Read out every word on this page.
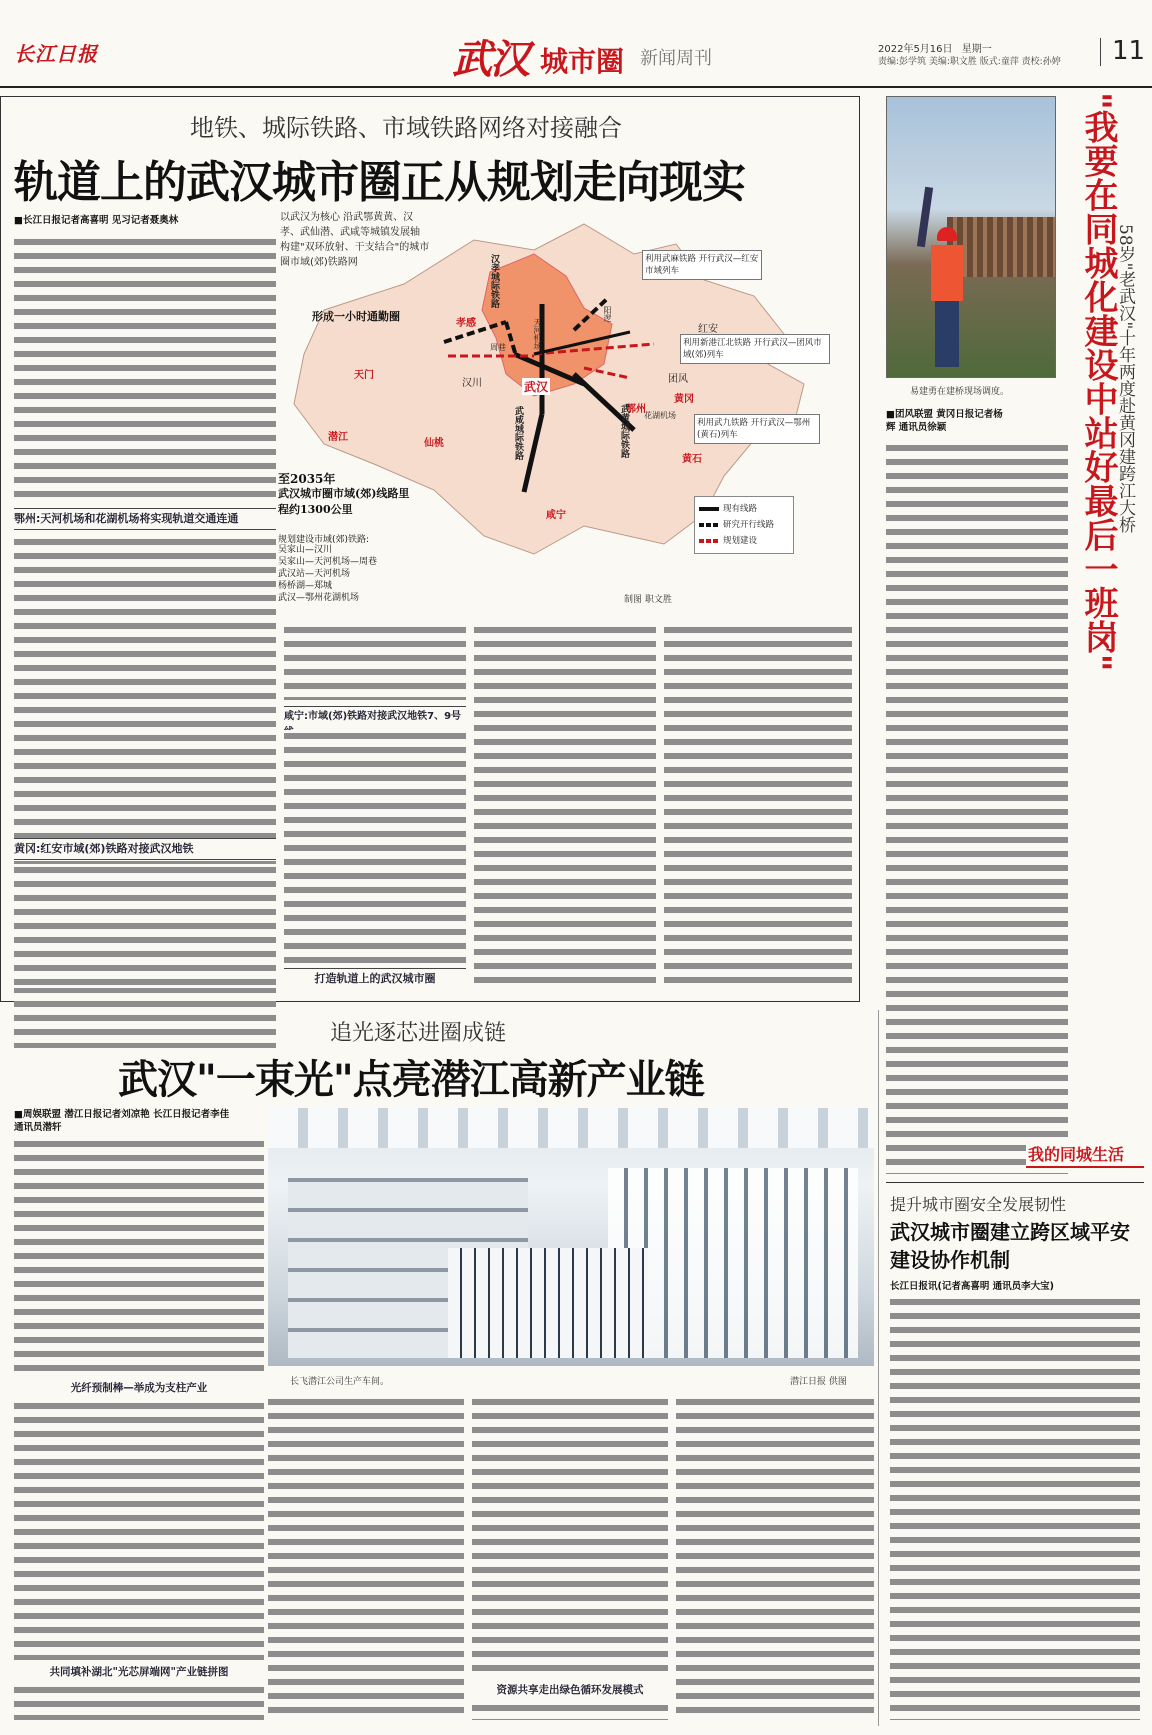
长江日报	武汉 城市圈 新闻周刊	2022年5月16日 星期一
责编:彭学筑 美编:职文胜 版式:童萍 责校:孙婷 11
地铁、城际铁路、市域铁路网络对接融合
轨道上的武汉城市圈正从规划走向现实
■长江日报记者高喜明 见习记者聂奥林
鄂州:天河机场和花湖机场将实现轨道交通连通
黄冈:红安市域(郊)铁路对接武汉地铁
以武汉为核心 沿武鄂黄黄、汉孝、武仙潜、武咸等城镇发展轴 构建"双环放射、干支结合"的城市圈市域(郊)铁路网
形成一小时通勤圈
至2035年
武汉城市圈市域(郊)线路里程约1300公里
规划建设市域(郊)铁路:
吴家山—汉川
吴家山—天河机场—周巷
武汉站—天河机场
杨桥湖—郑城
武汉—鄂州花湖机场
利用武麻铁路 开行武汉—红安市域列车
利用新港江北铁路 开行武汉—团风市域(郊)列车
利用武九铁路 开行武汉—鄂州(黄石)列车
孝感
天门
汉川	武汉
红安
团风
黄冈
鄂州
黄石
潜江
仙桃
咸宁
阳逻
花湖机场
天河机场
周巷
汉孝城际铁路
武咸城际铁路	武黄城际铁路
现有线路
研究开行线路
规划建设
制图 职文胜
咸宁:市域(郊)铁路对接武汉地铁7、9号
打造轨道上的武汉城市圈
易建勇在建桥现场调度。 "我要在同城化建设中站好最后一班岗"
58岁"老武汉"十年两度赴黄冈建跨江大桥
■团风联盟 黄冈日报记者杨辉 通讯员徐颖
我的同城生活
提升城市圈安全发展韧性
武汉城市圈建立跨区域平安建设协作机制
长江日报讯(记者高喜明 通讯员李大宝)
追光逐芯进圈成链
武汉"一束光"点亮潜江高新产业链
■周娱联盟 潜江日报记者刘凉艳 长江日报记者李佳 通讯员潜轩
光纤预制棒—举成为支柱产业
共同填补湖北"光芯屏端网"产业链拼图
长飞潜江公司生产车间。	潜江日报 供图
资源共享走出绿色循环发展模式
